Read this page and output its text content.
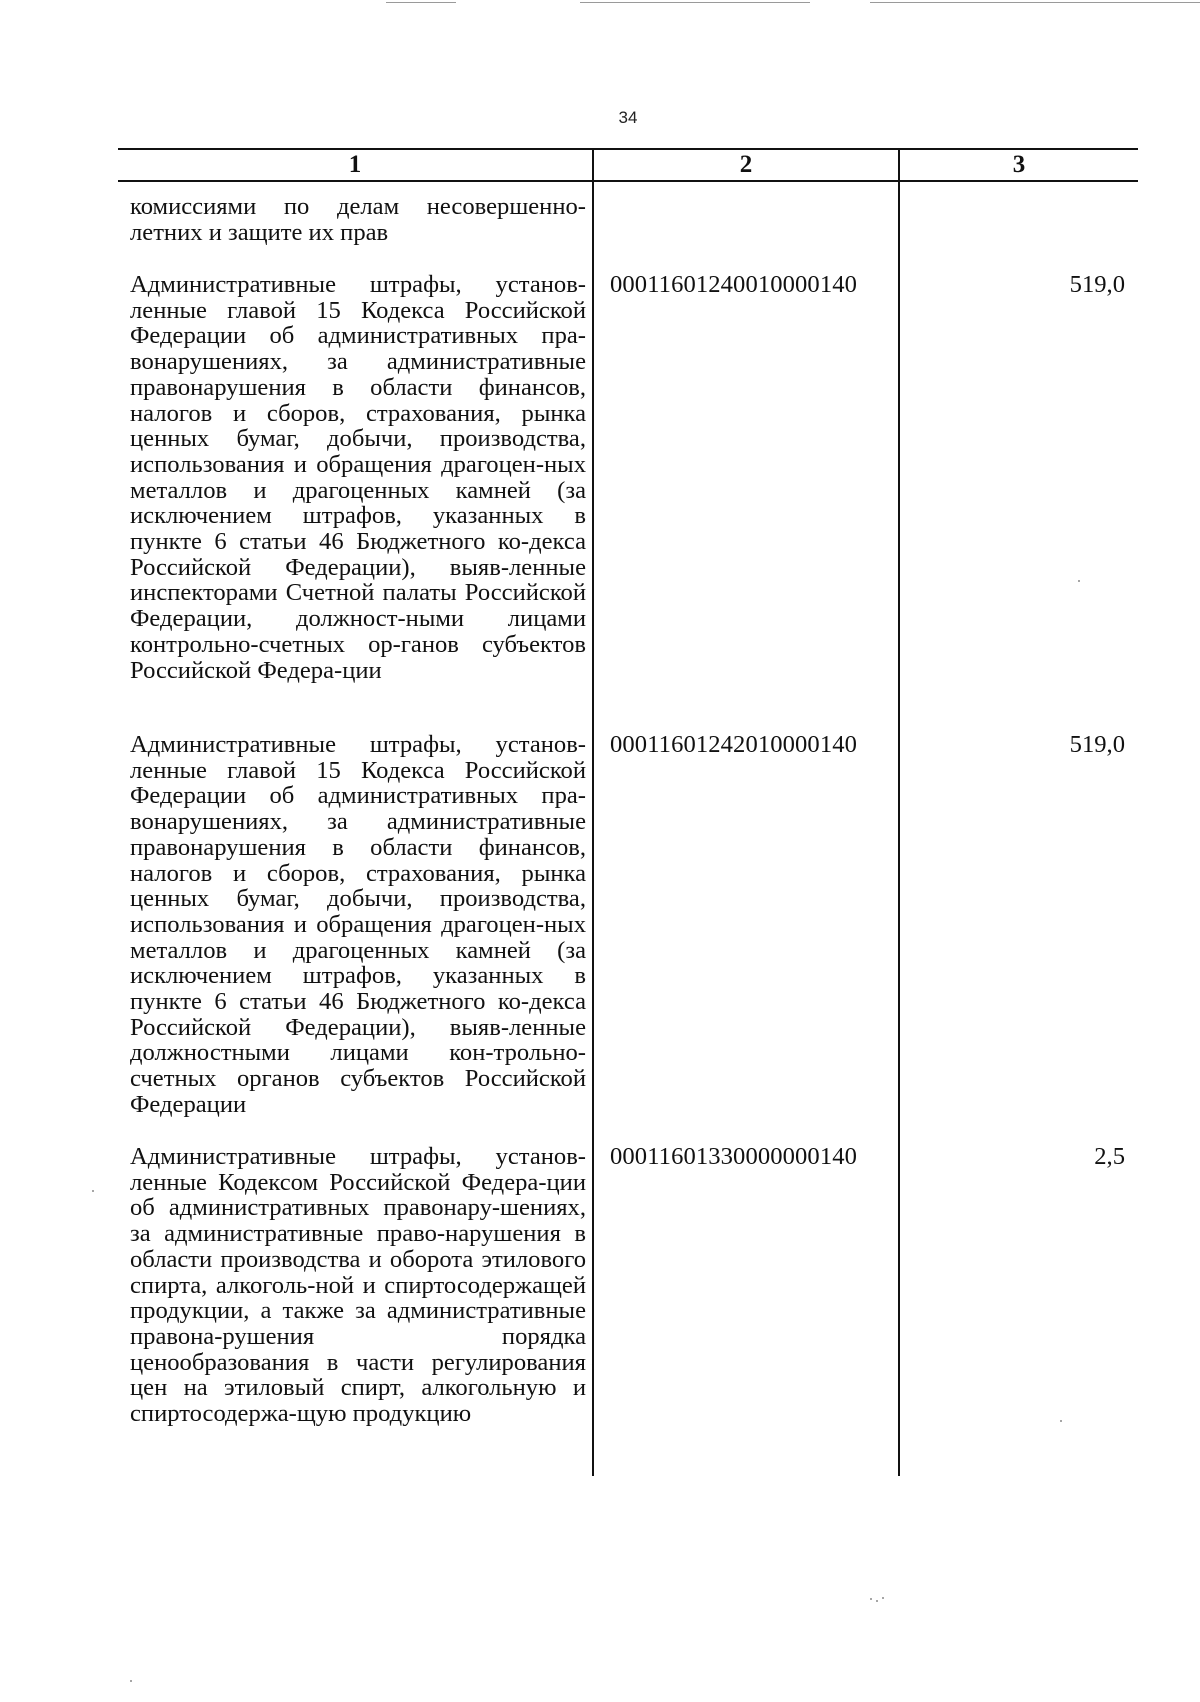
34
1	2	3
комиссиями по делам несовершенно-летних и защите их прав
Административные штрафы, установ-ленные главой 15 Кодекса Российской Федерации об административных пра-вонарушениях, за административные правонарушения в области финансов, налогов и сборов, страхования, рынка ценных бумаг, добычи, производства, использования и обращения драгоцен-ных металлов и драгоценных камней (за исключением штрафов, указанных в пункте 6 статьи 46 Бюджетного ко-декса Российской Федерации), выяв-ленные инспекторами Счетной палаты Российской Федерации, должност-ными лицами контрольно-счетных ор-ганов субъектов Российской Федера-ции
00011601240010000140	519,0
Административные штрафы, установ-ленные главой 15 Кодекса Российской Федерации об административных пра-вонарушениях, за административные правонарушения в области финансов, налогов и сборов, страхования, рынка ценных бумаг, добычи, производства, использования и обращения драгоцен-ных металлов и драгоценных камней (за исключением штрафов, указанных в пункте 6 статьи 46 Бюджетного ко-декса Российской Федерации), выяв-ленные должностными лицами кон-трольно-счетных органов субъектов Российской Федерации
00011601242010000140	519,0
Административные штрафы, установ-ленные Кодексом Российской Федера-ции об административных правонару-шениях, за административные право-нарушения в области производства и оборота этилового спирта, алкоголь-ной и спиртосодержащей продукции, а также за административные правона-рушения порядка ценообразования в части регулирования цен на этиловый спирт, алкогольную и спиртосодержа-щую продукцию
00011601330000000140	2,5
